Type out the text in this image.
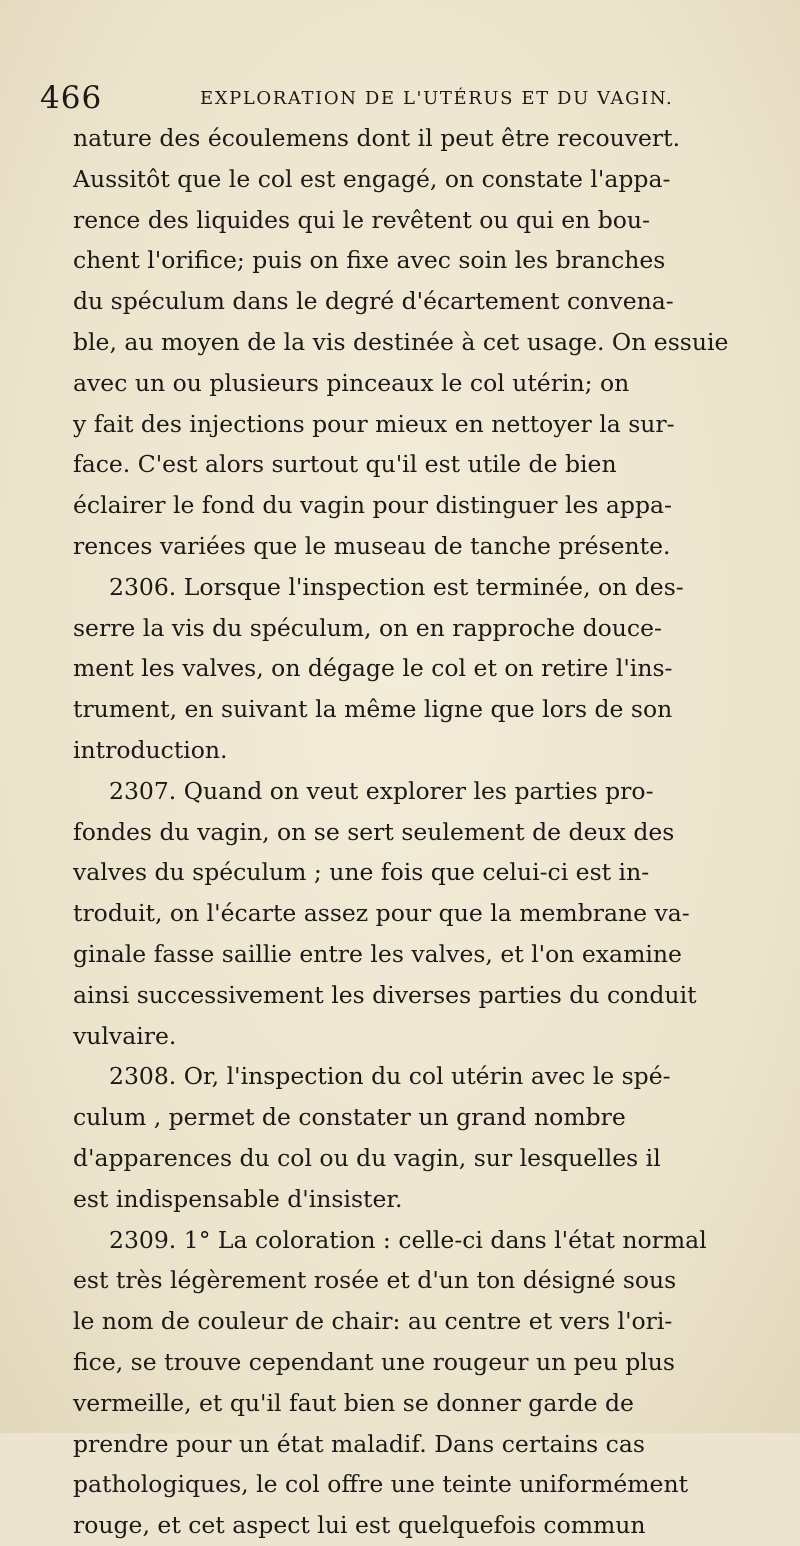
466	EXPLORATION DE L'UTÉRUS ET DU VAGIN.
nature des écoulemens dont il peut être recouvert.
Aussitôt que le col est engagé, on constate l'appa-
rence des liquides qui le revêtent ou qui en bou-
chent l'orifice; puis on fixe avec soin les branches
du spéculum dans le degré d'écartement convena-
ble, au moyen de la vis destinée à cet usage. On essuie
avec un ou plusieurs pinceaux le col utérin; on
y fait des injections pour mieux en nettoyer la sur-
face. C'est alors surtout qu'il est utile de bien
éclairer le fond du vagin pour distinguer les appa-
rences variées que le museau de tanche présente.
2306. Lorsque l'inspection est terminée, on des-
serre la vis du spéculum, on en rapproche douce-
ment les valves, on dégage le col et on retire l'ins-
trument, en suivant la même ligne que lors de son
introduction.
2307. Quand on veut explorer les parties pro-
fondes du vagin, on se sert seulement de deux des
valves du spéculum ; une fois que celui-ci est in-
troduit, on l'écarte assez pour que la membrane va-
ginale fasse saillie entre les valves, et l'on examine
ainsi successivement les diverses parties du conduit
vulvaire.
2308. Or, l'inspection du col utérin avec le spé-
culum , permet de constater un grand nombre
d'apparences du col ou du vagin, sur lesquelles il
est indispensable d'insister.
2309. 1° La coloration : celle-ci dans l'état normal
est très légèrement rosée et d'un ton désigné sous
le nom de couleur de chair: au centre et vers l'ori-
fice, se trouve cependant une rougeur un peu plus
vermeille, et qu'il faut bien se donner garde de
prendre pour un état maladif. Dans certains cas
pathologiques, le col offre une teinte uniformément
rouge, et cet aspect lui est quelquefois commun
